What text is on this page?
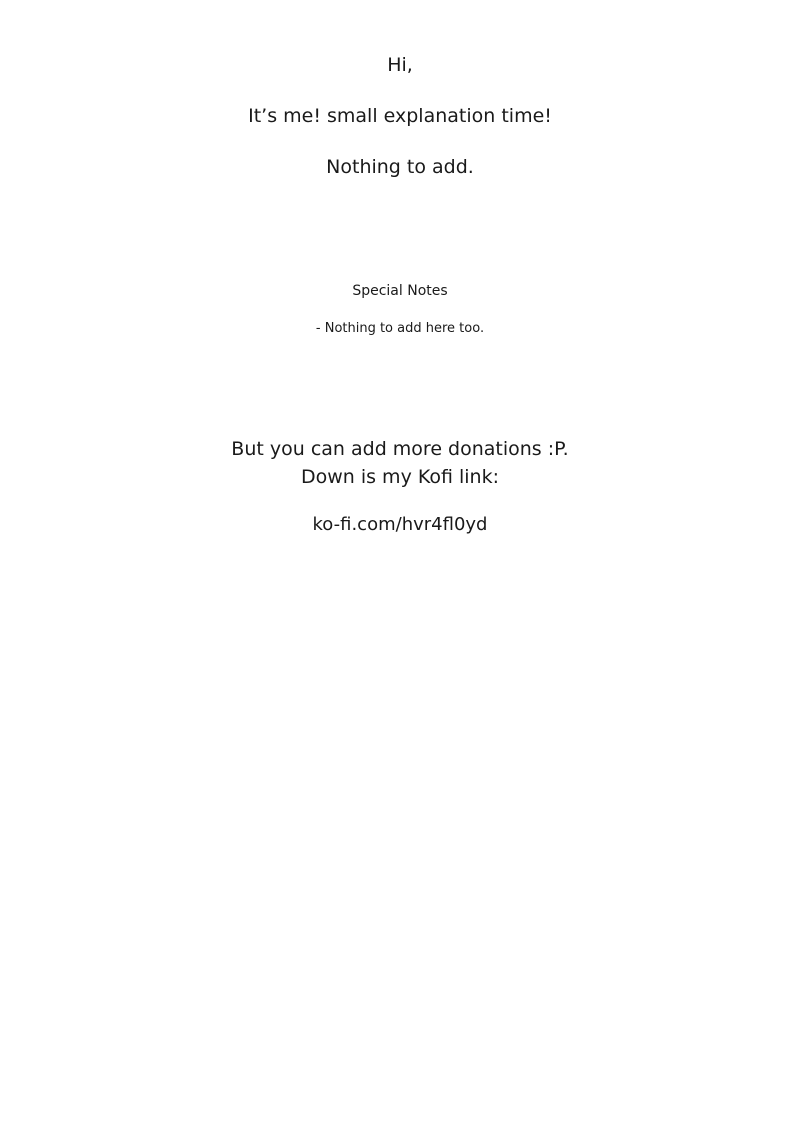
Hi,
It’s me! small explanation time!
Nothing to add.
Special Notes
- Nothing to add here too.
But you can add more donations :P.
Down is my Kofi link:
ko-fi.com/hvr4fl0yd
